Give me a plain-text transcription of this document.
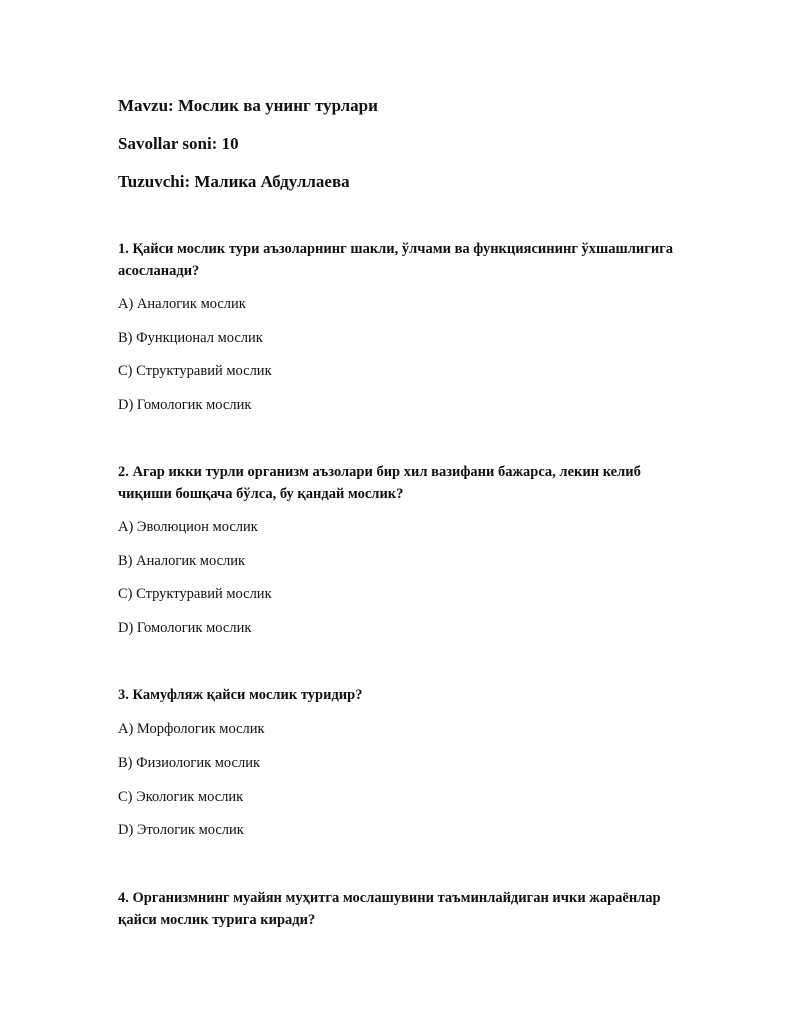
Mavzu: Мослик ва унинг турлари
Savollar soni: 10
Tuzuvchi: Малика Абдуллаева
1. Қайси мослик тури аъзоларнинг шакли, ўлчами ва функциясининг ўхшашлигига асосланади?
A) Аналогик мослик
B) Функционал мослик
C) Структуравий мослик
D) Гомологик мослик
2. Агар икки турли организм аъзолари бир хил вазифани бажарса, лекин келиб чиқиши бошқача бўлса, бу қандай мослик?
A) Эволюцион мослик
B) Аналогик мослик
C) Структуравий мослик
D) Гомологик мослик
3. Камуфляж қайси мослик туридир?
A) Морфологик мослик
B) Физиологик мослик
C) Экологик мослик
D) Этологик мослик
4. Организмнинг муайян муҳитга мослашувини таъминлайдиган ички жараёнлар қайси мослик турига киради?
